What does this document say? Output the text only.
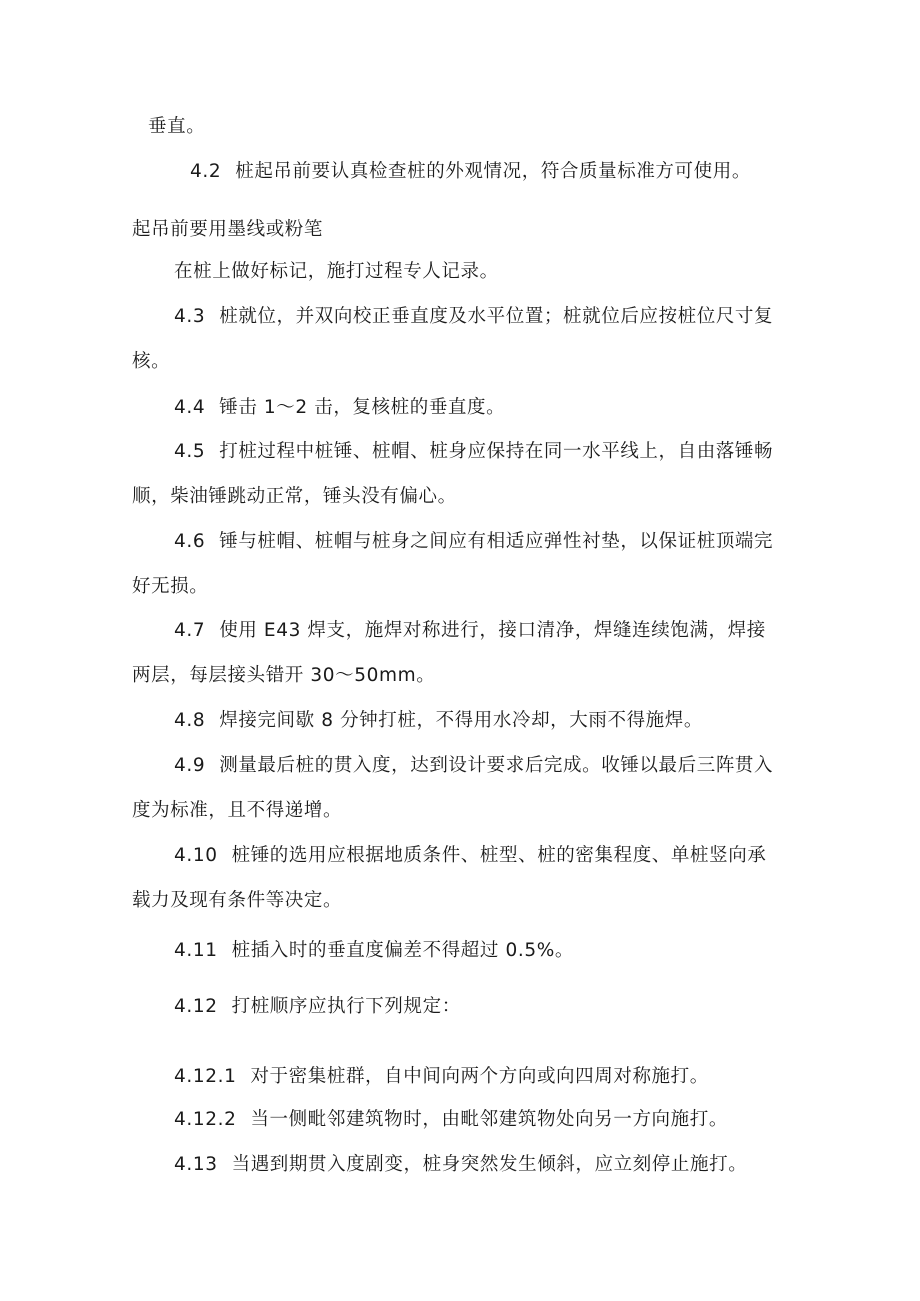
垂直。
4.2 桩起吊前要认真检查桩的外观情况，符合质量标准方可使用。
起吊前要用墨线或粉笔
在桩上做好标记，施打过程专人记录。
4.3 桩就位，并双向校正垂直度及水平位置；桩就位后应按桩位尺寸复
核。
4.4 锤击 1～2 击，复核桩的垂直度。
4.5 打桩过程中桩锤、桩帽、桩身应保持在同一水平线上，自由落锤畅
顺，柴油锤跳动正常，锤头没有偏心。
4.6 锤与桩帽、桩帽与桩身之间应有相适应弹性衬垫，以保证桩顶端完
好无损。
4.7 使用 E43 焊支，施焊对称进行，接口清净，焊缝连续饱满，焊接
两层，每层接头错开 30～50mm。
4.8 焊接完间歇 8 分钟打桩，不得用水冷却，大雨不得施焊。
4.9 测量最后桩的贯入度，达到设计要求后完成。收锤以最后三阵贯入
度为标准，且不得递增。
4.10 桩锤的选用应根据地质条件、桩型、桩的密集程度、单桩竖向承
载力及现有条件等决定。
4.11 桩插入时的垂直度偏差不得超过 0.5%。
4.12 打桩顺序应执行下列规定：
4.12.1 对于密集桩群，自中间向两个方向或向四周对称施打。
4.12.2 当一侧毗邻建筑物时，由毗邻建筑物处向另一方向施打。
4.13 当遇到期贯入度剧变，桩身突然发生倾斜，应立刻停止施打。
